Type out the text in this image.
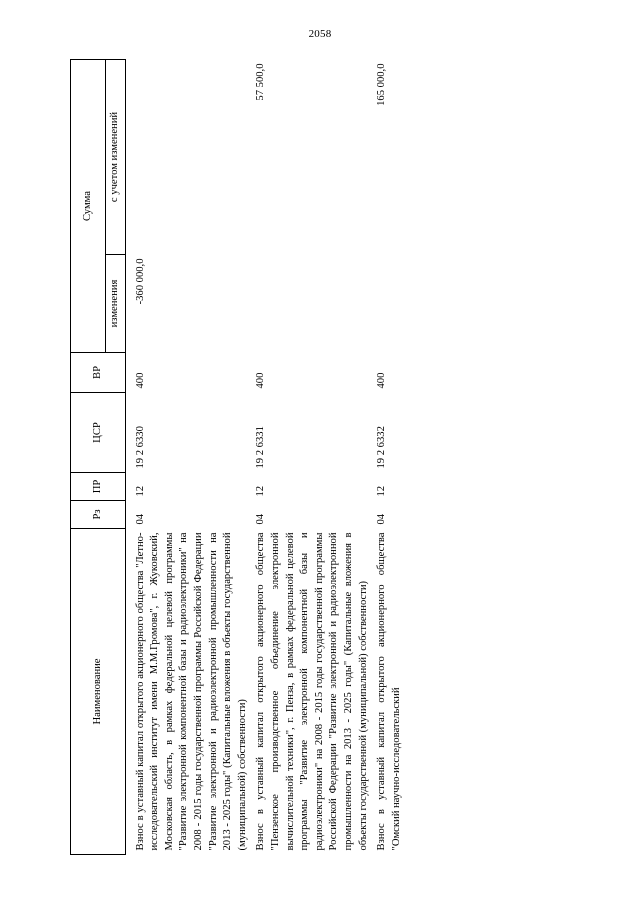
2058
Наименование	Рз	ПР	ЦСР	ВР	Сумма	
					изменения	с учетом изменений
Взнос в уставный капитал открытого акционерного общества "Летно-исследовательский институт имени М.М.Громова", г. Жуковский, Московская область, в рамках федеральной целевой программы "Развитие электронной компонентной базы и радиоэлектроники" на 2008 - 2015 годы государственной программы Российской Федерации "Развитие электронной и радиоэлектронной промышленности на 2013 - 2025 годы" (Капитальные вложения в объекты государственной (муниципальной) собственности)	04	12	19 2 6330	400	-360 000,0	
Взнос в уставный капитал открытого акционерного общества "Пензенское производственное объединение электронной вычислительной техники", г. Пенза, в рамках федеральной целевой программы "Развитие электронной компонентной базы и радиоэлектроники" на 2008 - 2015 годы государственной программы Российской Федерации "Развитие электронной и радиоэлектронной промышленности на 2013 - 2025 годы" (Капитальные вложения в объекты государственной (муниципальной) собственности)	04	12	19 2 6331	400		57 500,0
Взнос в уставный капитал открытого акционерного общества "Омский научно-исследовательский	04	12	19 2 6332	400		165 000,0
